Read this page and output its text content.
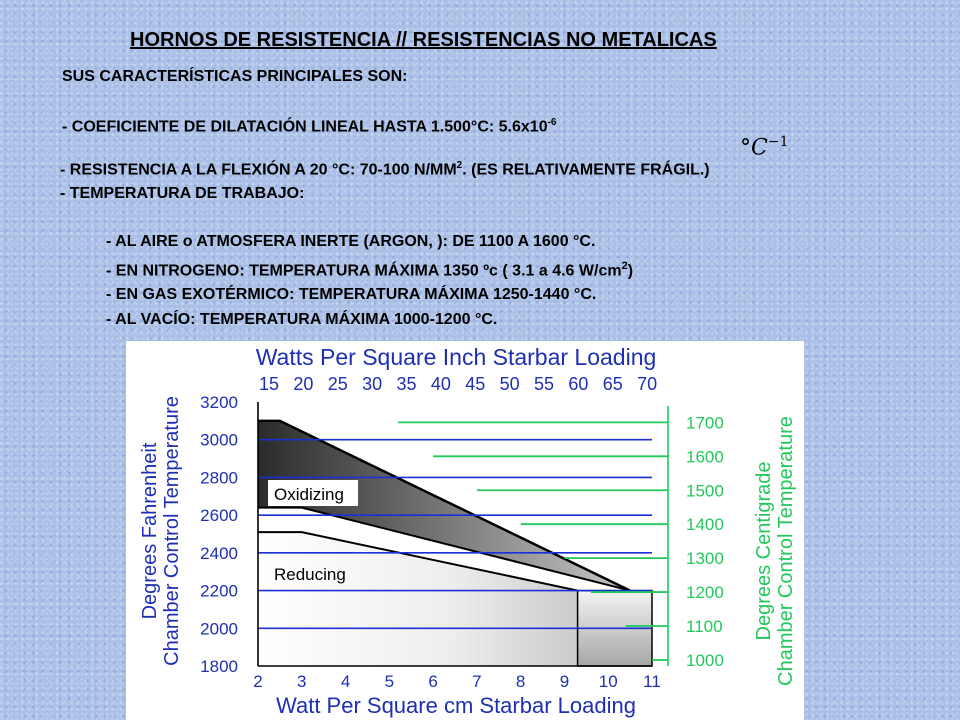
HORNOS DE RESISTENCIA // RESISTENCIAS NO METALICAS
SUS CARACTERÍSTICAS PRINCIPALES SON:
- COEFICIENTE DE DILATACIÓN LINEAL HASTA 1.500°C: $5.6x10^{-6}$
$^\circ C^{-1}$
- RESISTENCIA A LA FLEXIÓN A 20 °C: 70-100 $N/MM^2$. (ES RELATIVAMENTE FRÁGIL.)
- TEMPERATURA DE TRABAJO:
- AL AIRE o ATMOSFERA INERTE (ARGON, ): DE 1100 A 1600 °C.
- EN NITROGENO: TEMPERATURA MÁXIMA 1350 ºc ( 3.1 a 4.6 $W/cm^2$)
- EN GAS EXOTÉRMICO: TEMPERATURA MÁXIMA 1250-1440 °C.
- AL VACÍO: TEMPERATURA MÁXIMA 1000-1200 °C.
Oxidizing
Reducing
Watts Per Square Inch Starbar Loading
15 20 25 30 35 40 45 50 55 60 65 70
2 3 4 5 6 7 8 9 10 11
Watt Per Square cm Starbar Loading
3200
3000
2800
2600
2400
2200
2000
1800
1700
1600
1500
1400
1300
1200
1100
1000
Degrees Fahrenheit Chamber Control Temperature	Degrees Centigrade Chamber Control Temperature
